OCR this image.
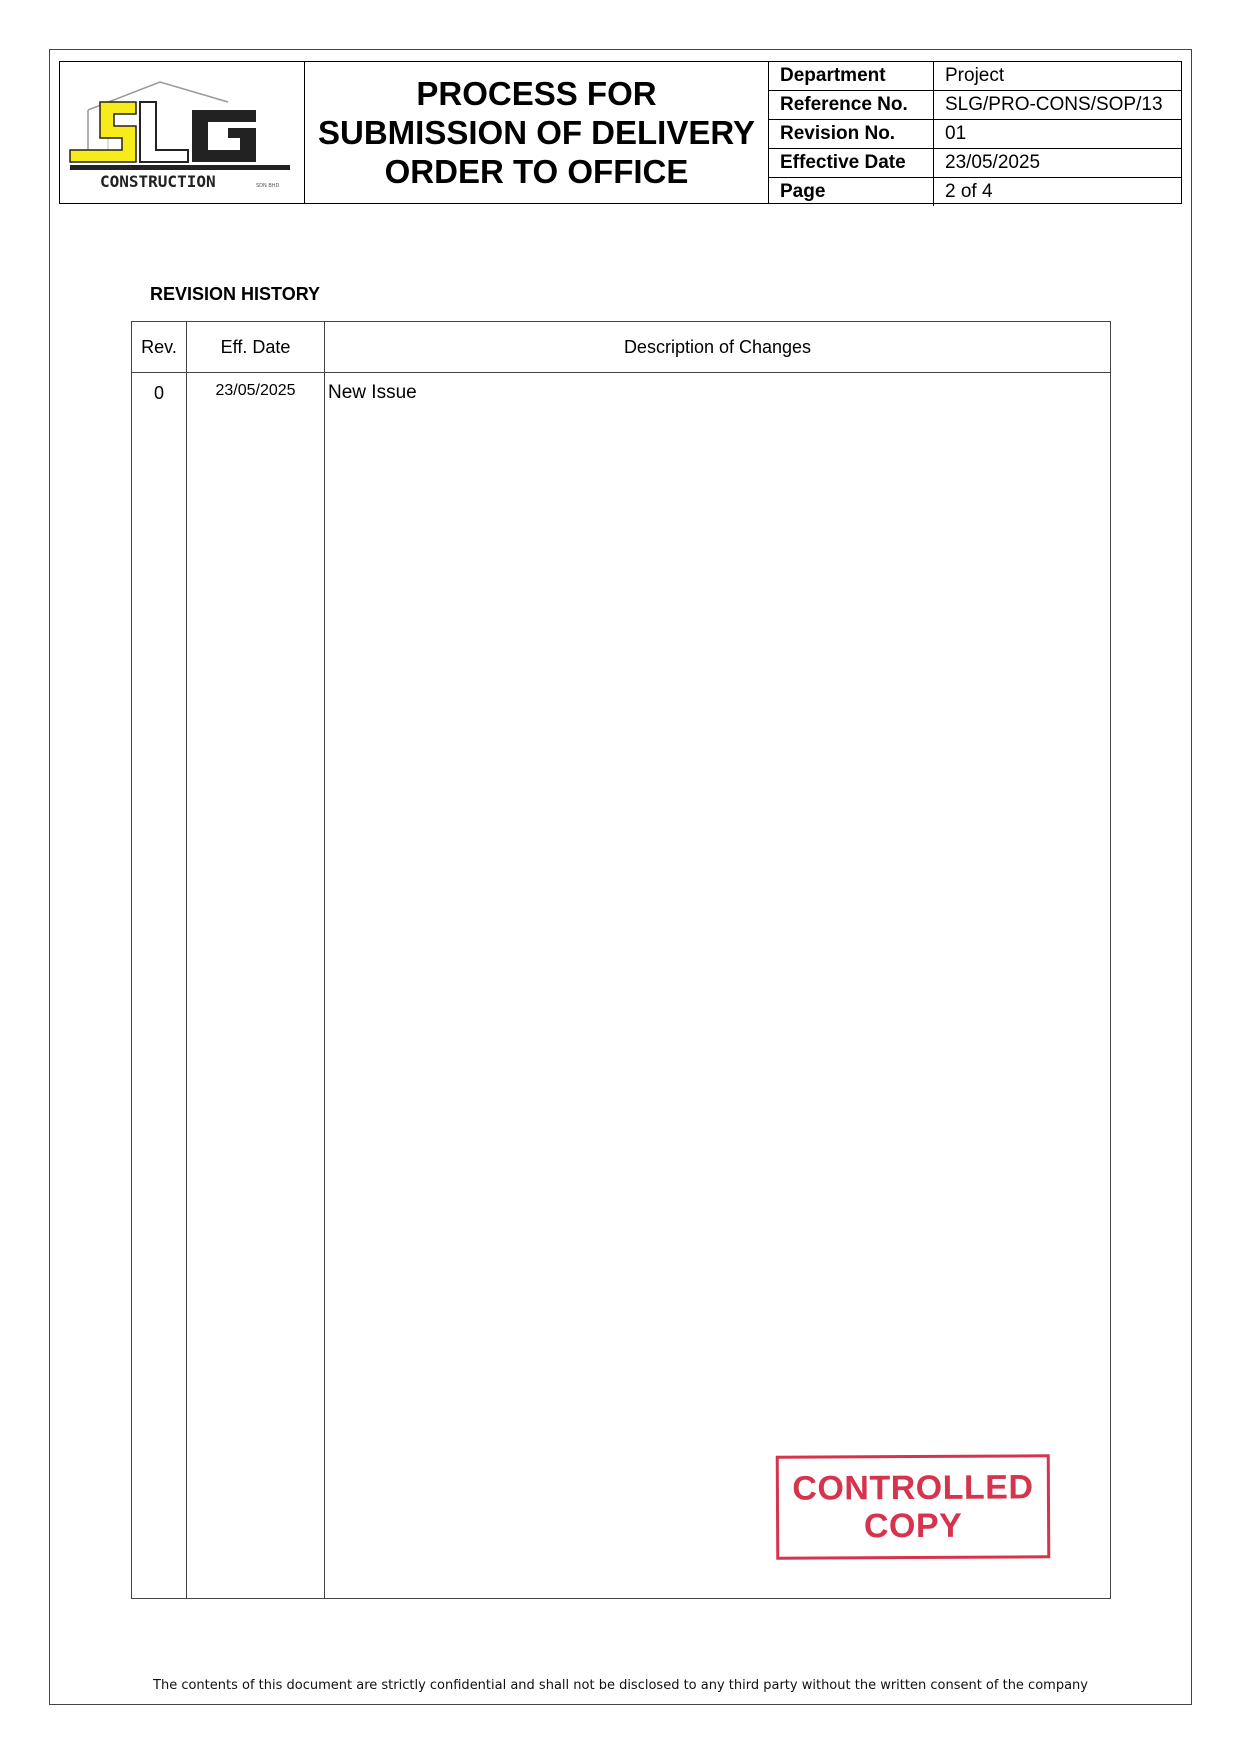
CONSTRUCTION	SDN BHD
PROCESS FOR
SUBMISSION OF DELIVERY
ORDER TO OFFICE
Department	Project
Reference No.	SLG/PRO-CONS/SOP/13
Revision No.	01
Effective Date	23/05/2025
Page	2 of 4
REVISION HISTORY
Rev.	Eff. Date	Description of Changes
0	23/05/2025	New Issue
CONTROLLED
COPY
The contents of this document are strictly confidential and shall not be disclosed to any third party without the written consent of the company
